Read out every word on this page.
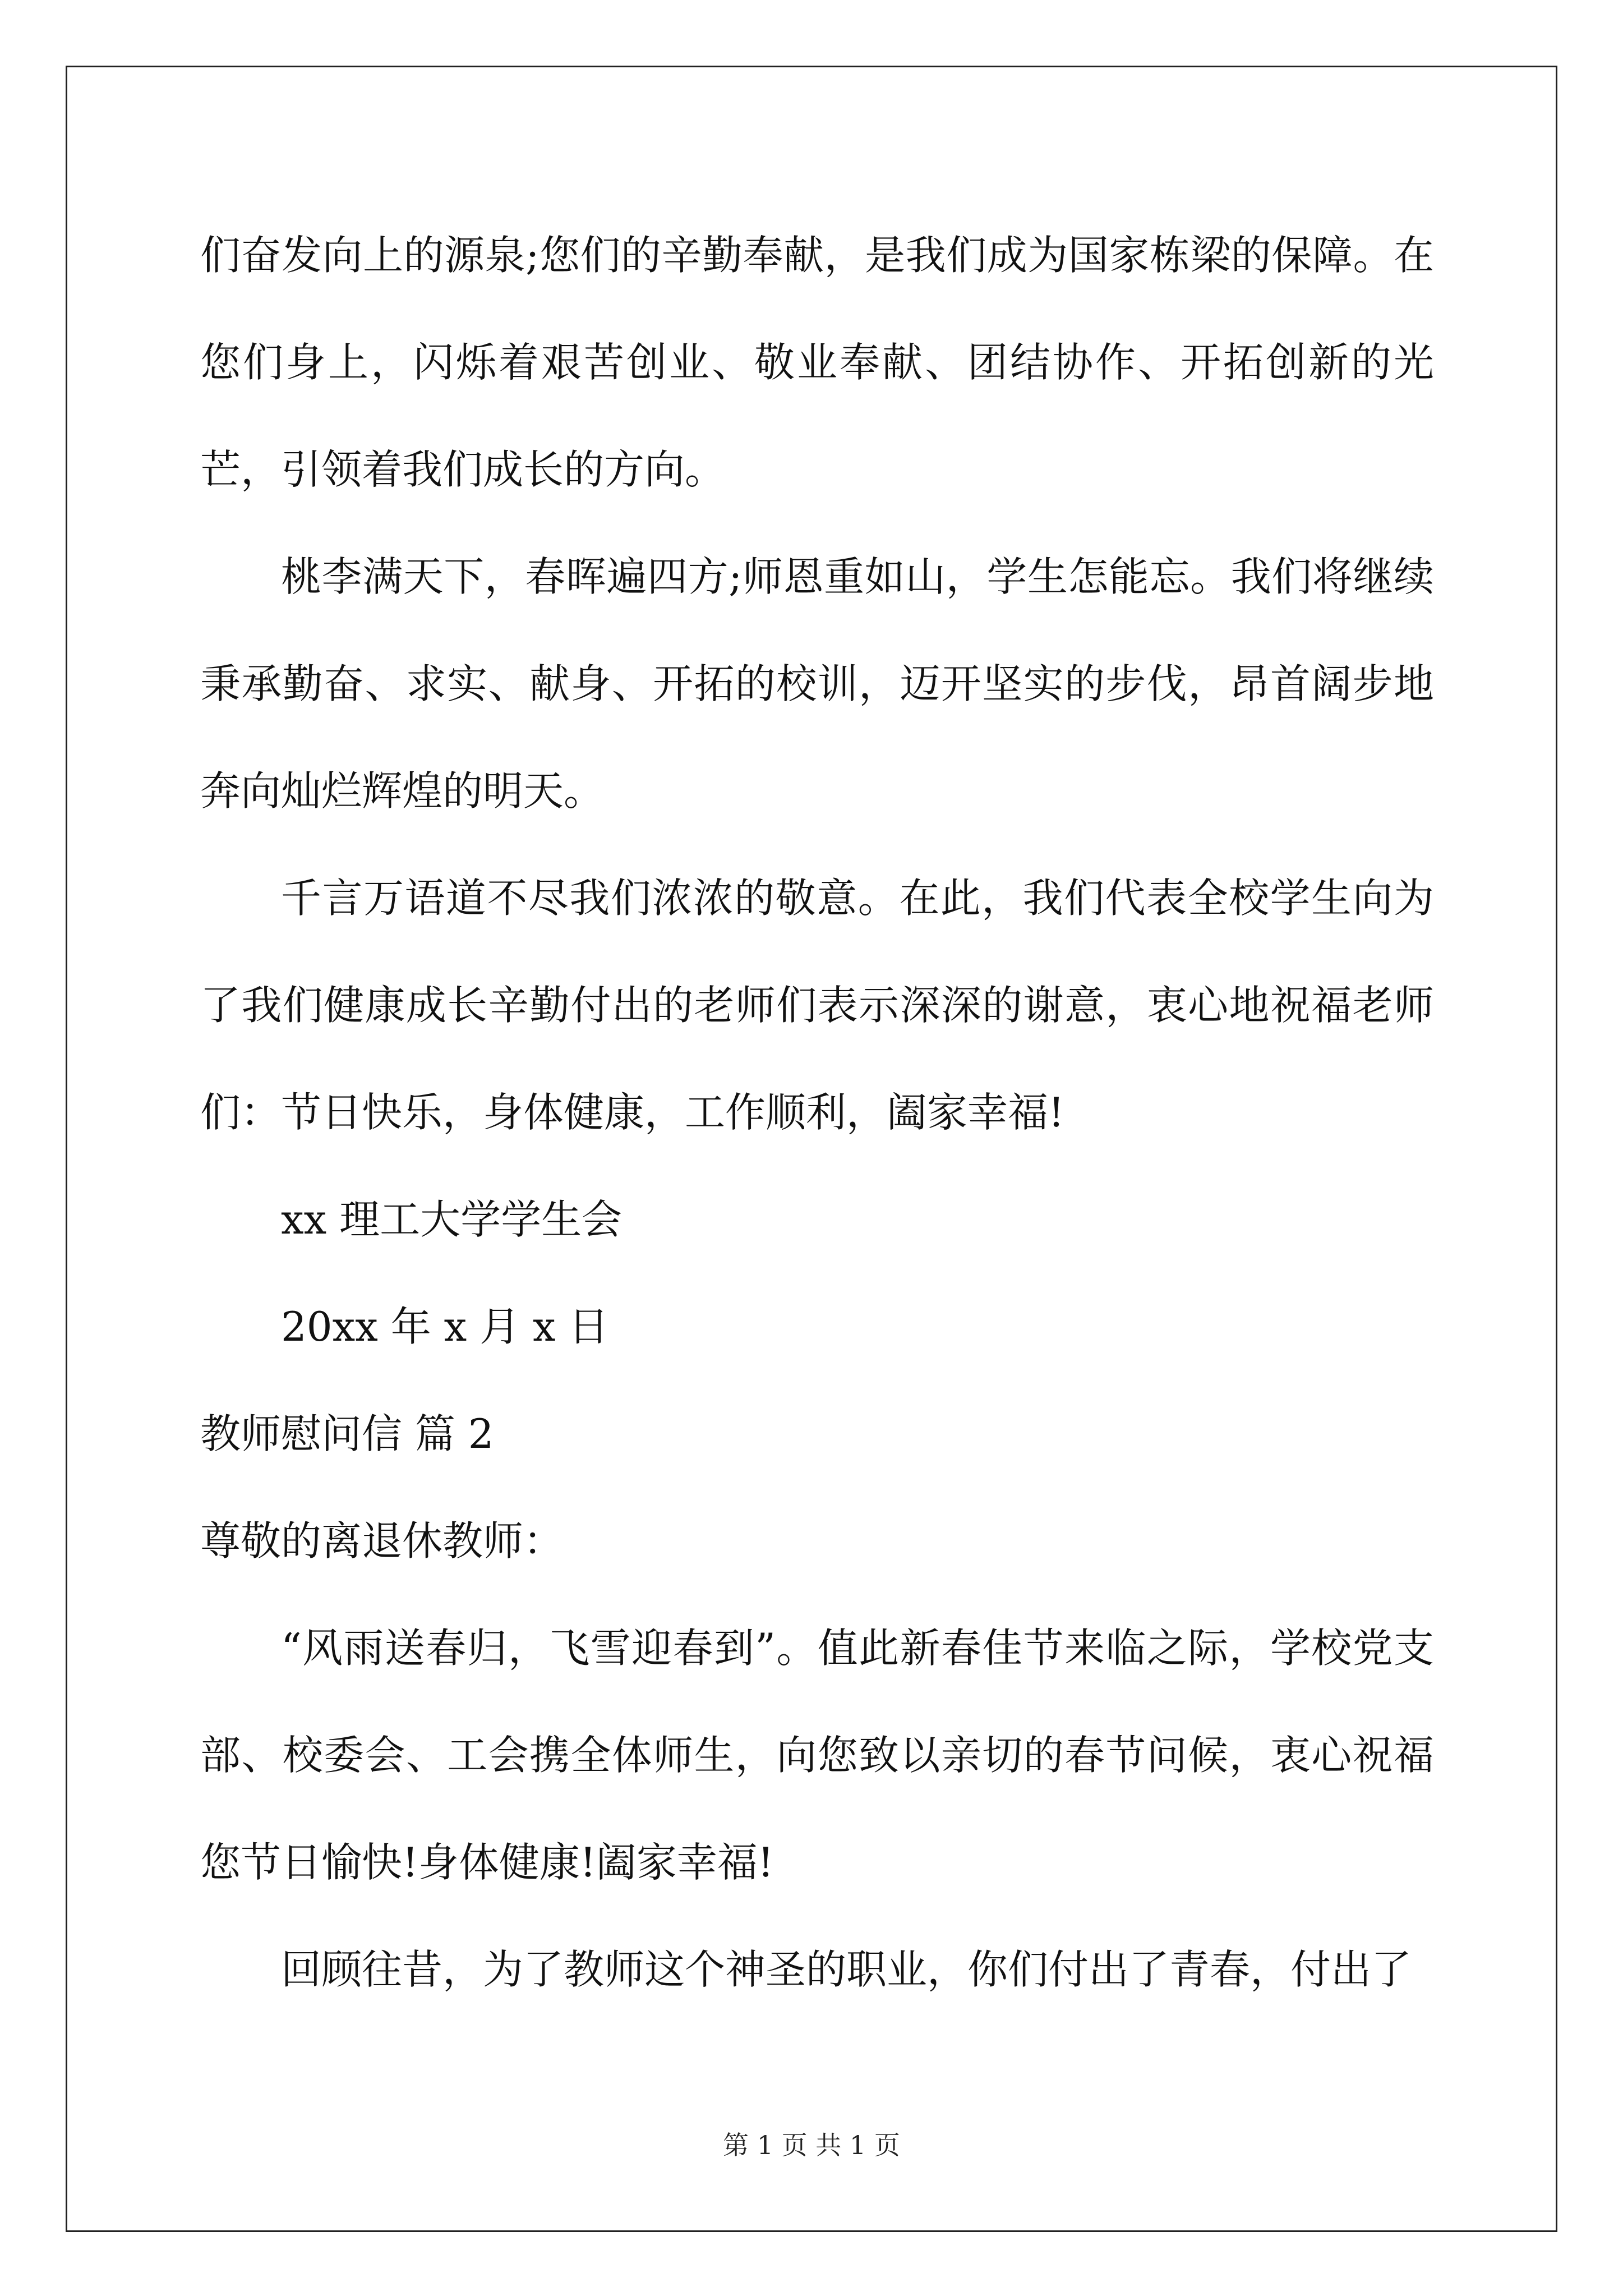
们奋发向上的源泉;您们的辛勤奉献，是我们成为国家栋梁的保障。在您们身上，闪烁着艰苦创业、敬业奉献、团结协作、开拓创新的光芒，引领着我们成长的方向。

桃李满天下，春晖遍四方;师恩重如山，学生怎能忘。我们将继续秉承勤奋、求实、献身、开拓的校训，迈开坚实的步伐，昂首阔步地奔向灿烂辉煌的明天。

千言万语道不尽我们浓浓的敬意。在此，我们代表全校学生向为了我们健康成长辛勤付出的老师们表示深深的谢意，衷心地祝福老师们：节日快乐，身体健康，工作顺利，阖家幸福!

xx 理工大学学生会

20xx 年 x 月 x 日

教师慰问信 篇 2

尊敬的离退休教师：

“风雨送春归，飞雪迎春到”。值此新春佳节来临之际，学校党支部、校委会、工会携全体师生，向您致以亲切的春节问候，衷心祝福您节日愉快!身体健康!阖家幸福!

回顾往昔，为了教师这个神圣的职业，你们付出了青春，付出了

第 1 页 共 1 页
